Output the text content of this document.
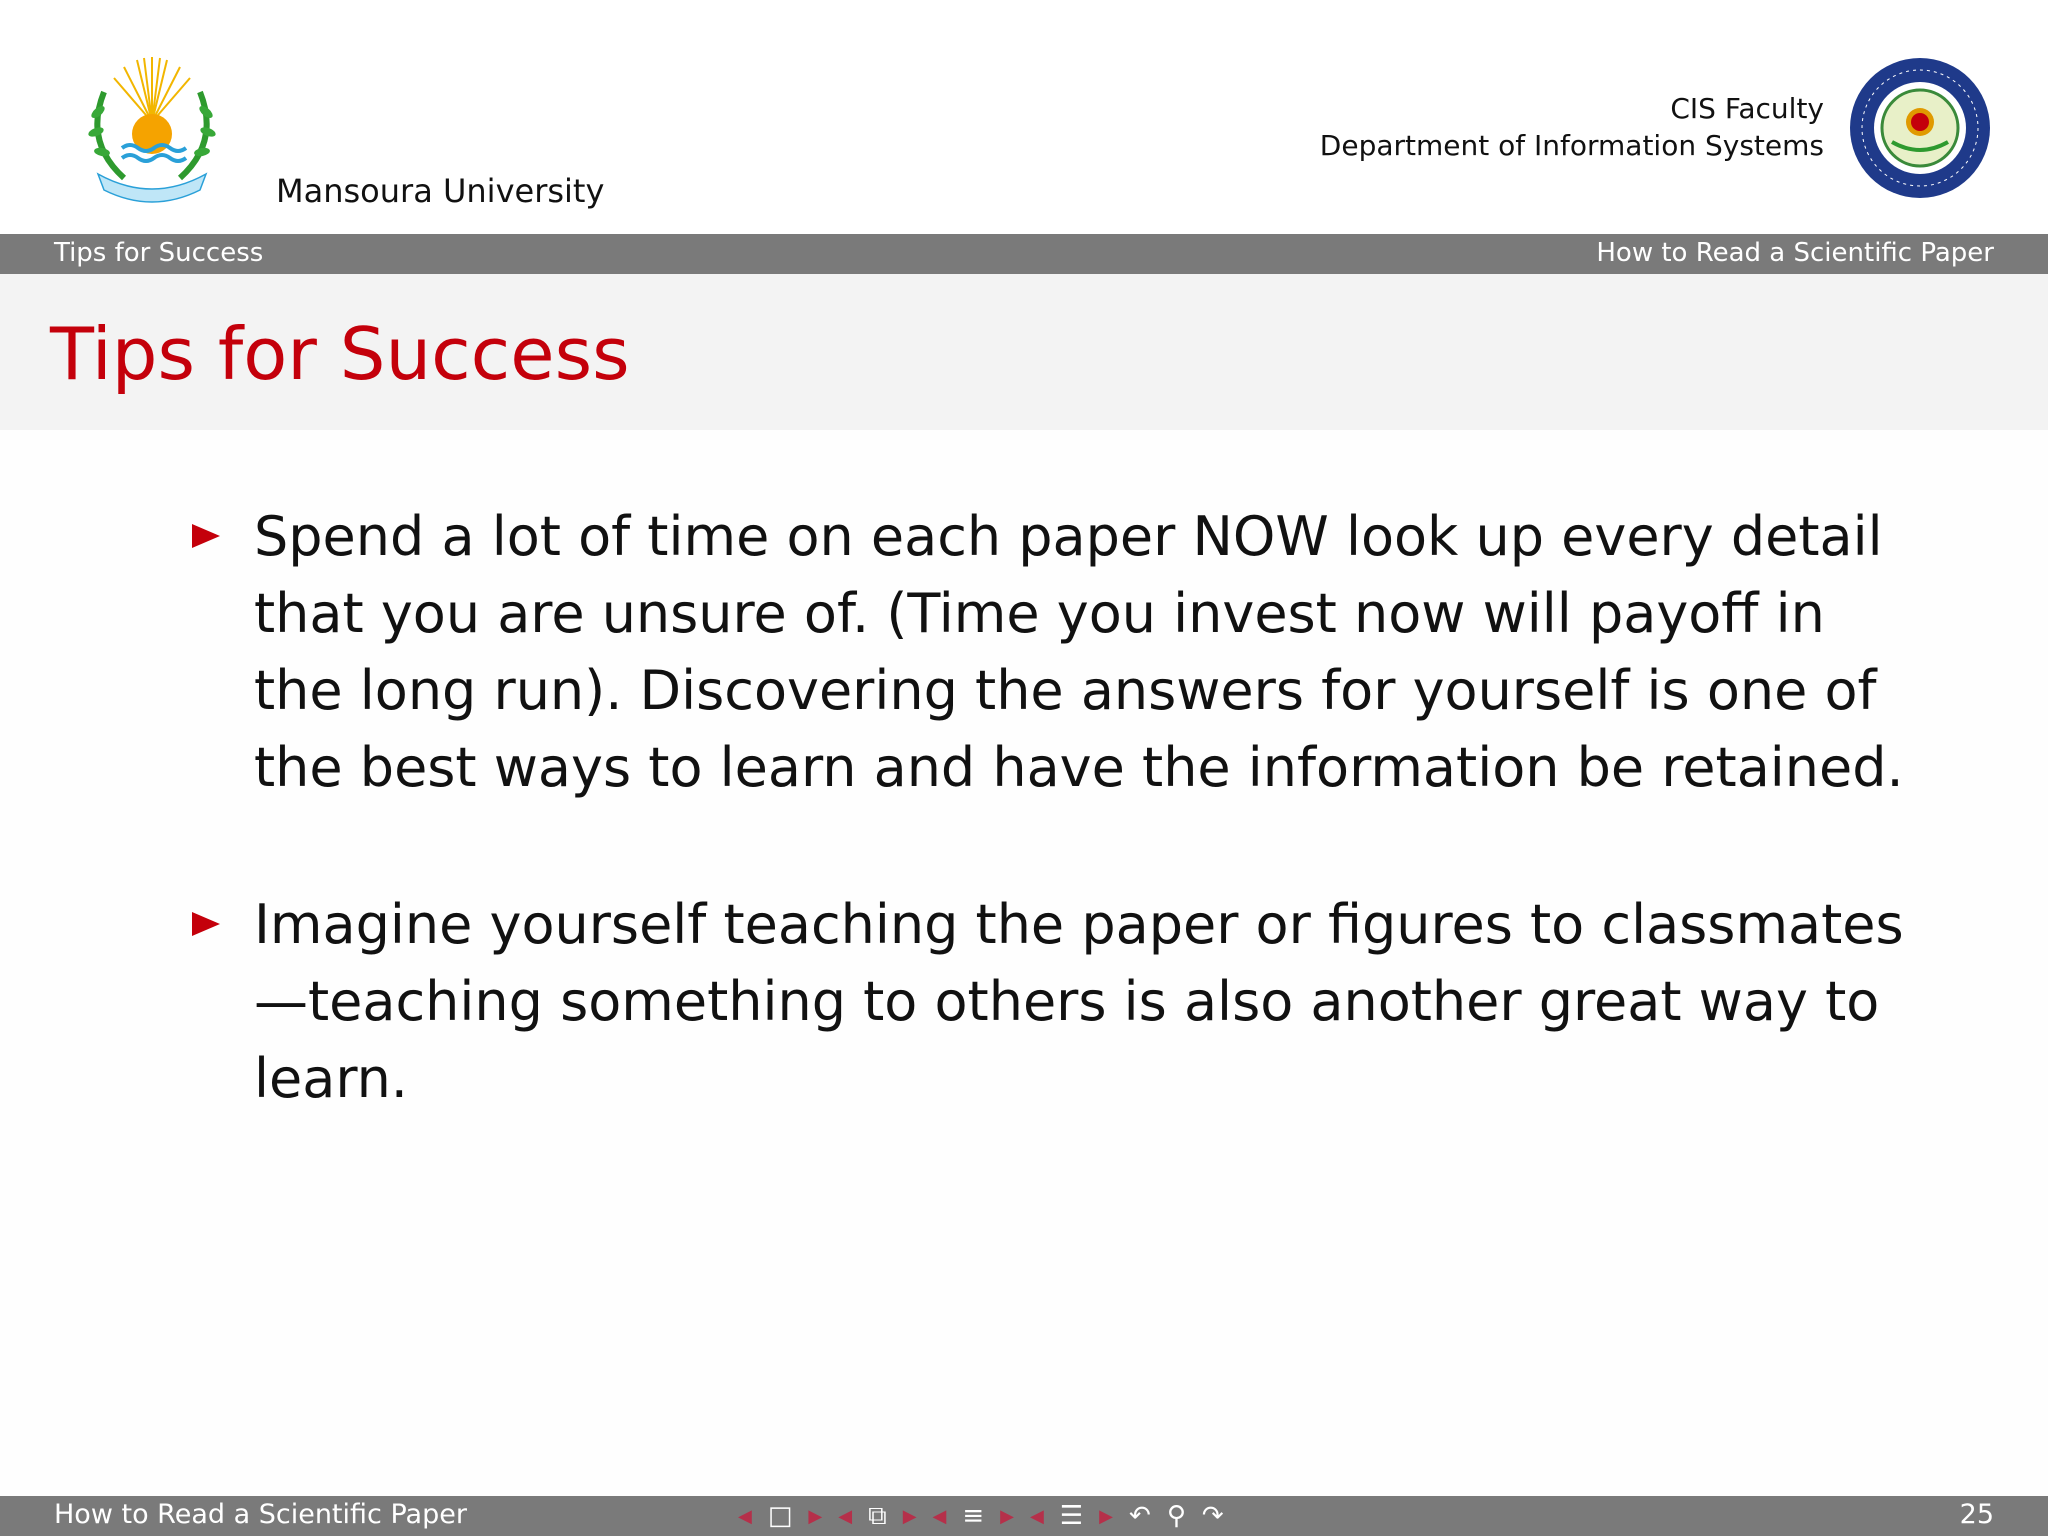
Mansoura University
CIS Faculty
Department of Information Systems
Tips for Success	How to Read a Scientific Paper
Tips for Success
Spend a lot of time on each paper NOW look up every detail that you are unsure of. (Time you invest now will payoff in the long run). Discovering the answers for yourself is one of the best ways to learn and have the information be retained.
Imagine yourself teaching the paper or figures to classmates—teaching something to others is also another great way to learn.
How to Read a Scientific Paper	◀ □ ▶ ◀ ⧉ ▶ ◀ ≡ ▶ ◀ ☰ ▶ ↶ ⚲ ↷	25
